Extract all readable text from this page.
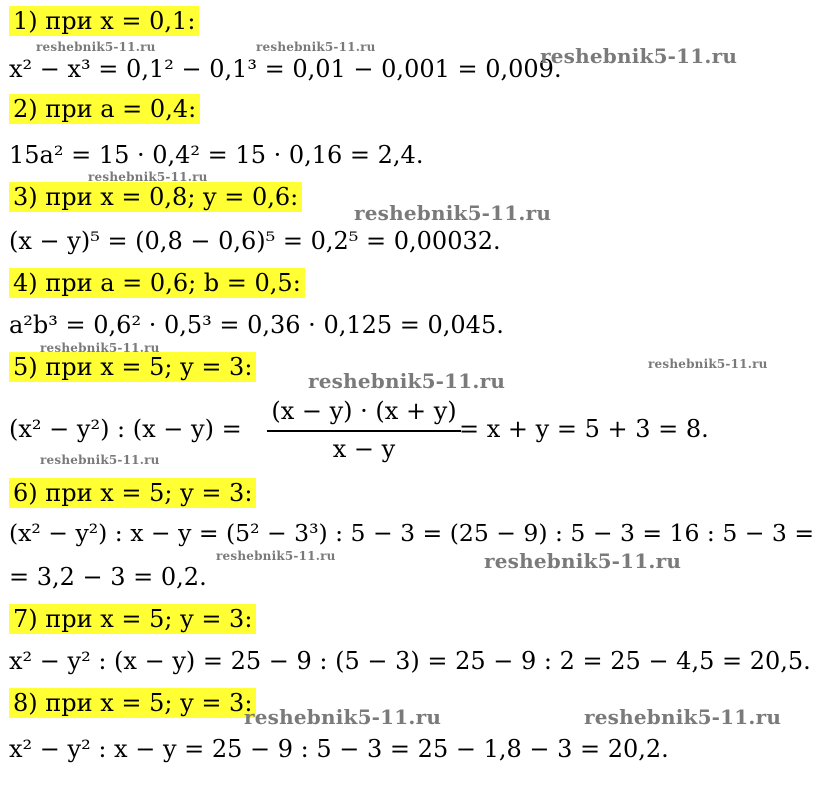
1) при x = 0,1:
x² − x³ = 0,1² − 0,1³ = 0,01 − 0,001 = 0,009.
2) при a = 0,4:
15a² = 15 · 0,4² = 15 · 0,16 = 2,4.
3) при x = 0,8; y = 0,6:
(x − y)⁵ = (0,8 − 0,6)⁵ = 0,2⁵ = 0,00032.
4) при a = 0,6; b = 0,5:
a²b³ = 0,6² · 0,5³ = 0,36 · 0,125 = 0,045.
5) при x = 5; y = 3:
(x² − y²) : (x − y) =
(x − y) · (x + y)
x − y
= x + y = 5 + 3 = 8.
6) при x = 5; y = 3:
(x² − y²) : x − y = (5² − 3³) : 5 − 3 = (25 − 9) : 5 − 3 = 16 : 5 − 3 =
= 3,2 − 3 = 0,2.
7) при x = 5; y = 3:
x² − y² : (x − y) = 25 − 9 : (5 − 3) = 25 − 9 : 2 = 25 − 4,5 = 20,5.
8) при x = 5; y = 3:
x² − y² : x − y = 25 − 9 : 5 − 3 = 25 − 1,8 − 3 = 20,2.
reshebnik5-11.ru	reshebnik5-11.ru	reshebnik5-11.ru
reshebnik5-11.ru
reshebnik5-11.ru
reshebnik5-11.ru
reshebnik5-11.ru
reshebnik5-11.ru
reshebnik5-11.ru
reshebnik5-11.ru	reshebnik5-11.ru
reshebnik5-11.ru	reshebnik5-11.ru
